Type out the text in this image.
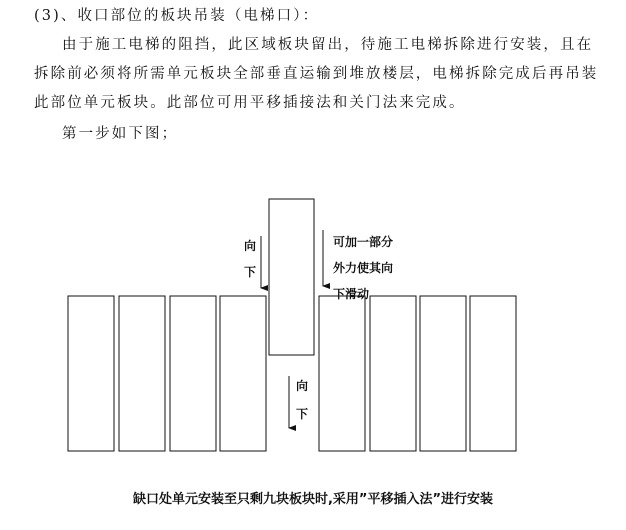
(3)、收口部位的板块吊装（电梯口）：

由于施工电梯的阻挡，此区域板块留出，待施工电梯拆除进行安装，且在

拆除前必须将所需单元板块全部垂直运输到堆放楼层，电梯拆除完成后再吊装

此部位单元板块。此部位可用平移插接法和关门法来完成。

第一步如下图；

向
下
可加一部分
外力使其向
下滑动
向
下
缺口处单元安装至只剩九块板块时,采用”平移插入法”进行安装
